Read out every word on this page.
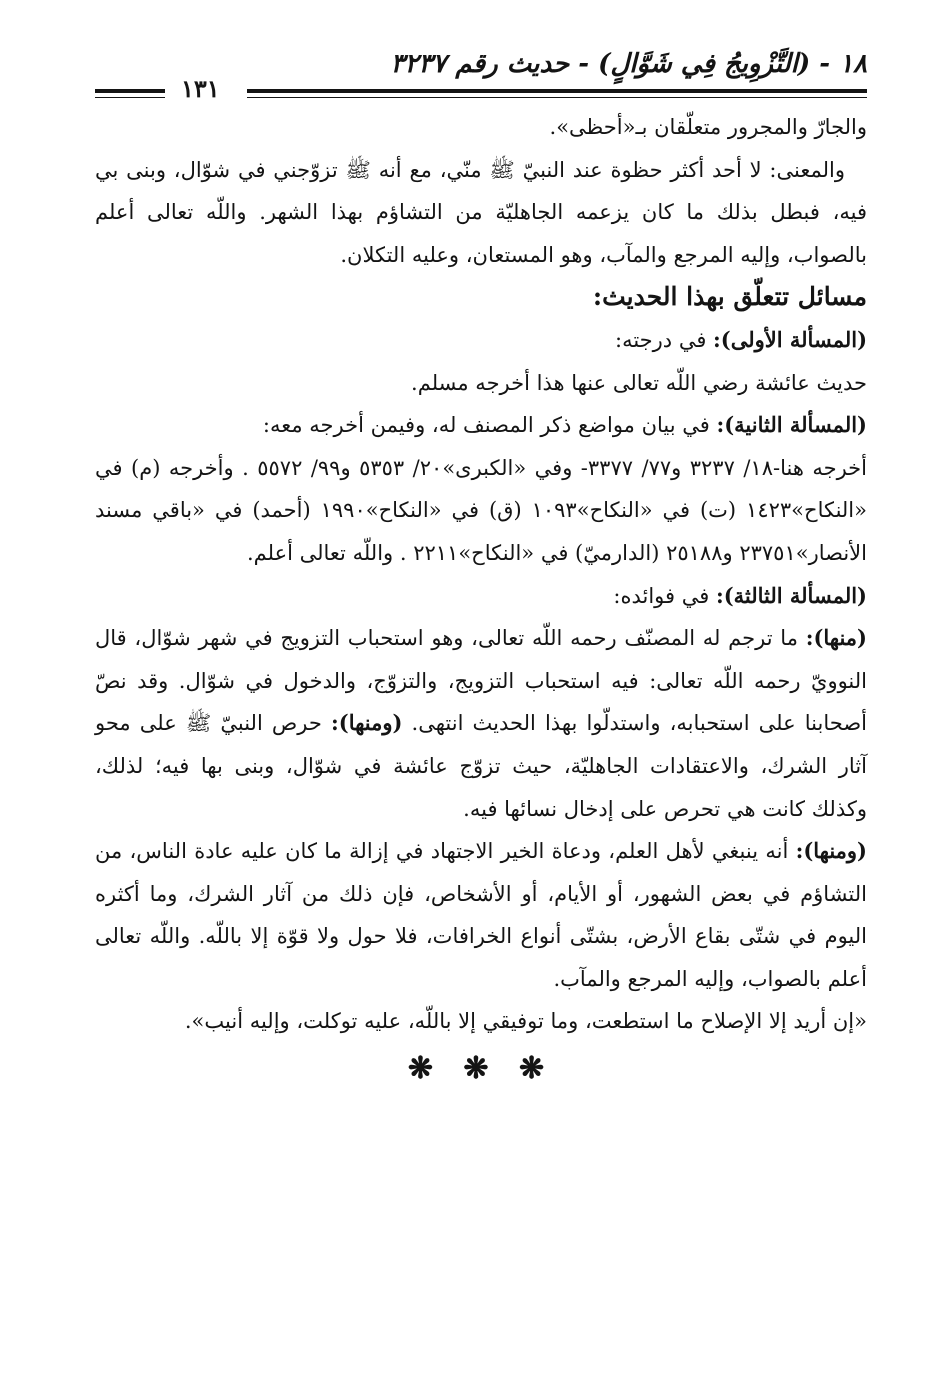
١٨ - (التَّزْوِيجُ فِي شَوَّالٍ) - حديث رقم ٣٢٣٧
١٣١

والجارّ والمجرور متعلّقان بـ«أحظى».

والمعنى: لا أحد أكثر حظوة عند النبيّ ﷺ منّي، مع أنه ﷺ تزوّجني في شوّال، وبنى بي فيه، فبطل بذلك ما كان يزعمه الجاهليّة من التشاؤم بهذا الشهر. واللّه تعالى أعلم بالصواب، وإليه المرجع والمآب، وهو المستعان، وعليه التكلان.

مسائل تتعلّق بهذا الحديث:

(المسألة الأولى): في درجته:

حديث عائشة رضي اللّه تعالى عنها هذا أخرجه مسلم.

(المسألة الثانية): في بيان مواضع ذكر المصنف له، وفيمن أخرجه معه:

أخرجه هنا-١٨/ ٣٢٣٧ و٧٧/ ٣٣٧٧- وفي «الكبرى»٢٠/ ٥٣٥٣ و٩٩/ ٥٥٧٢ . وأخرجه (م) في «النكاح»١٤٢٣ (ت) في «النكاح»١٠٩٣ (ق) في «النكاح»١٩٩٠ (أحمد) في «باقي مسند الأنصار»٢٣٧٥١ و٢٥١٨٨ (الدارميّ) في «النكاح»٢٢١١ . واللّه تعالى أعلم.

(المسألة الثالثة): في فوائده:

(منها): ما ترجم له المصنّف رحمه اللّه تعالى، وهو استحباب التزويج في شهر شوّال، قال النوويّ رحمه اللّه تعالى: فيه استحباب التزويج، والتزوّج، والدخول في شوّال. وقد نصّ أصحابنا على استحبابه، واستدلّوا بهذا الحديث انتهى. (ومنها): حرص النبيّ ﷺ على محو آثار الشرك، والاعتقادات الجاهليّة، حيث تزوّج عائشة في شوّال، وبنى بها فيه؛ لذلك، وكذلك كانت هي تحرص على إدخال نسائها فيه.

(ومنها): أنه ينبغي لأهل العلم، ودعاة الخير الاجتهاد في إزالة ما كان عليه عادة الناس، من التشاؤم في بعض الشهور، أو الأيام، أو الأشخاص، فإن ذلك من آثار الشرك، وما أكثره اليوم في شتّى بقاع الأرض، بشتّى أنواع الخرافات، فلا حول ولا قوّة إلا باللّه. واللّه تعالى أعلم بالصواب، وإليه المرجع والمآب.

«إن أريد إلا الإصلاح ما استطعت، وما توفيقي إلا باللّه، عليه توكلت، وإليه أنيب».

❋ ❋ ❋
